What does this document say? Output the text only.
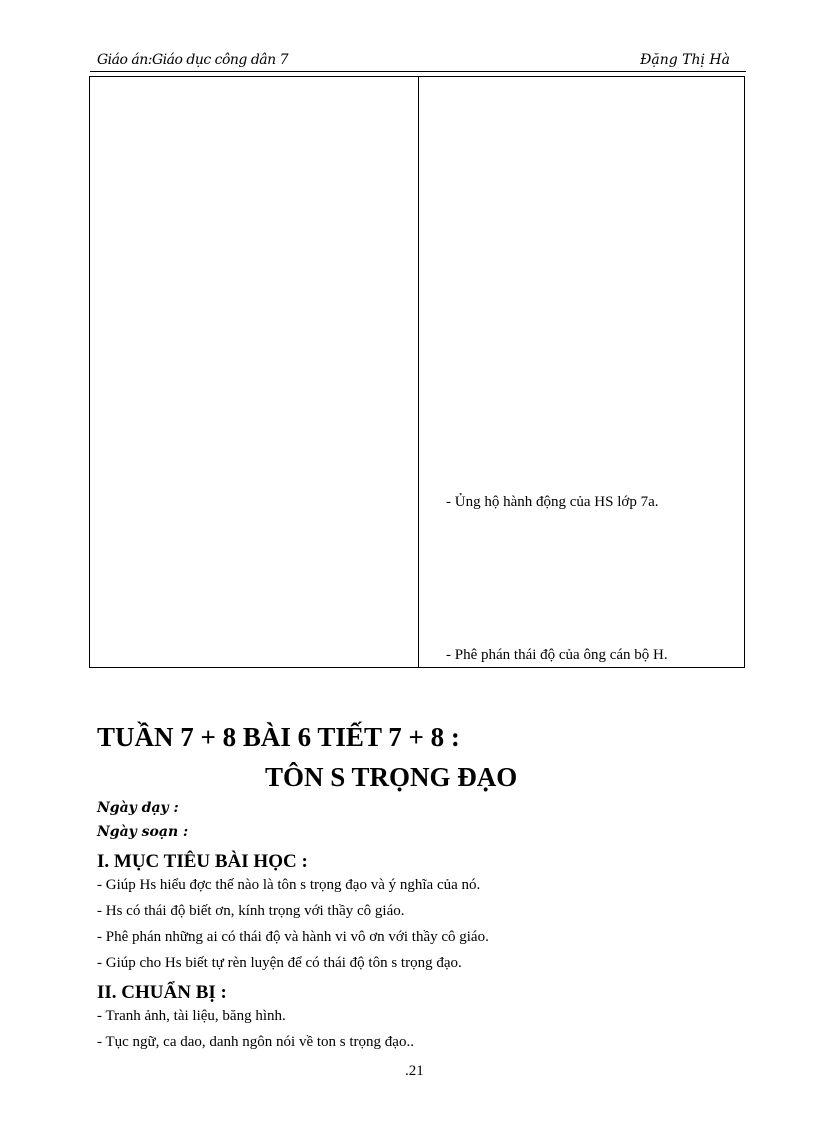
Giáo án:Giáo dục công dân 7	Đặng Thị Hà
- Ủng hộ hành động của HS lớp 7a.
- Phê phán thái độ của ông cán bộ H.
TUẦN 7 + 8 BÀI 6 TIẾT 7 + 8 :
TÔN S TRỌNG ĐẠO
Ngày dạy :
Ngày soạn :
I. MỤC TIÊU BÀI HỌC :
- Giúp Hs hiểu đợc thế nào là tôn s trọng đạo và ý nghĩa của nó.
- Hs có thái độ biết ơn, kính trọng với thầy cô giáo.
- Phê phán những ai có thái độ và hành vi vô ơn với thầy cô giáo.
- Giúp cho Hs biết tự rèn luyện để có thái độ tôn s trọng đạo.
II. CHUẨN BỊ :
- Tranh ảnh, tài liệu, băng hình.
- Tục ngữ, ca dao, danh ngôn nói về ton s trọng đạo..
.21
